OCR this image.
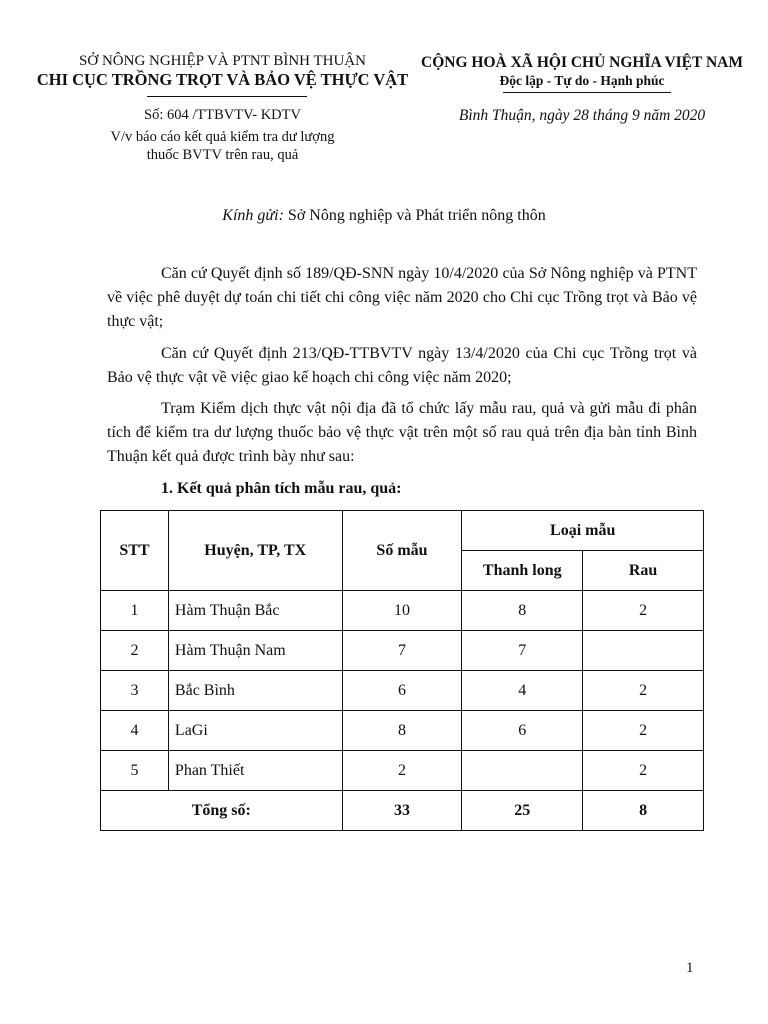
SỞ NÔNG NGHIỆP VÀ PTNT BÌNH THUẬN
CHI CỤC TRỒNG TRỌT VÀ BẢO VỆ THỰC VẬT
CỘNG HOÀ XÃ HỘI CHỦ NGHĨA VIỆT NAM
Độc lập - Tự do - Hạnh phúc
Số: 604 /TTBVTV- KDTV
V/v báo cáo kết quả kiểm tra dư lượng
thuốc BVTV trên rau, quả
Bình Thuận, ngày 28 tháng 9 năm 2020
Kính gửi: Sở Nông nghiệp và Phát triển nông thôn
Căn cứ Quyết định số 189/QĐ-SNN ngày 10/4/2020 của Sở Nông nghiệp và PTNT về việc phê duyệt dự toán chi tiết chi công việc năm 2020 cho Chi cục Trồng trọt và Bảo vệ thực vật;
Căn cứ Quyết định 213/QĐ-TTBVTV ngày 13/4/2020 của Chi cục Trồng trọt và Bảo vệ thực vật về việc giao kế hoạch chi công việc năm 2020;
Trạm Kiểm dịch thực vật nội địa đã tổ chức lấy mẫu rau, quả và gửi mẫu đi phân tích để kiểm tra dư lượng thuốc bảo vệ thực vật trên một số rau quả trên địa bàn tỉnh Bình Thuận kết quả được trình bày như sau:
1. Kết quả phân tích mẫu rau, quả:
STT	Huyện, TP, TX	Số mẫu	Loại mẫu	
			Thanh long	Rau
1	Hàm Thuận Bắc	10	8	2
2	Hàm Thuận Nam	7	7	
3	Bắc Bình	6	4	2
4	LaGi	8	6	2
5	Phan Thiết	2		2
Tổng số:		33	25	8
1
